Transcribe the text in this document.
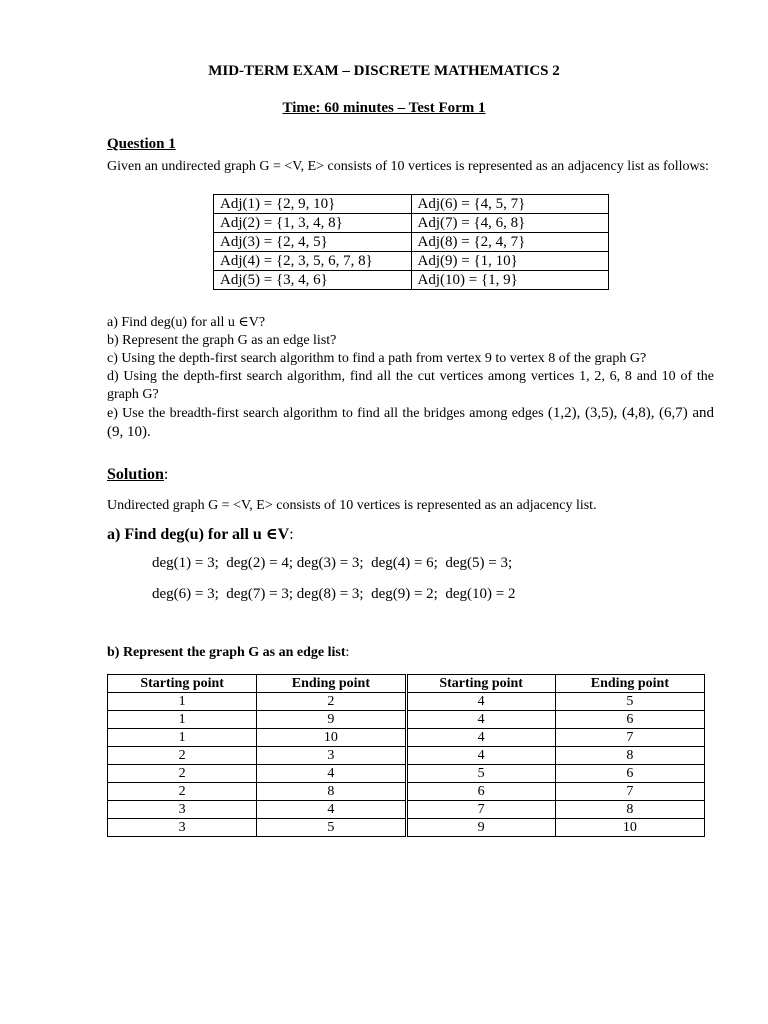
MID-TERM EXAM – DISCRETE MATHEMATICS 2
Time: 60 minutes – Test Form 1
Question 1
Given an undirected graph G = <V, E> consists of 10 vertices is represented as an adjacency list as follows:
Adj(1) = {2, 9, 10}	Adj(6) = {4, 5, 7}
Adj(2) = {1, 3, 4, 8}	Adj(7) = {4, 6, 8}
Adj(3) = {2, 4, 5}	Adj(8) = {2, 4, 7}
Adj(4) = {2, 3, 5, 6, 7, 8}	Adj(9) = {1, 10}
Adj(5) = {3, 4, 6}	Adj(10) = {1, 9}
a) Find deg(u) for all u ∈V?
b) Represent the graph G as an edge list?
c) Using the depth-first search algorithm to find a path from vertex 9 to vertex 8 of the graph G?
d) Using the depth-first search algorithm, find all the cut vertices among vertices 1, 2, 6, 8 and 10 of the graph G?
e) Use the breadth-first search algorithm to find all the bridges among edges (1,2), (3,5), (4,8), (6,7) and (9, 10).
Solution:
Undirected graph G = <V, E> consists of 10 vertices is represented as an adjacency list.
a) Find deg(u) for all u ∈V:
deg(1) = 3;  deg(2) = 4; deg(3) = 3;  deg(4) = 6;  deg(5) = 3;
deg(6) = 3;  deg(7) = 3; deg(8) = 3;  deg(9) = 2;  deg(10) = 2
b) Represent the graph G as an edge list:
Starting point	Ending point	Starting point	Ending point
1	2	4	5
1	9	4	6
1	10	4	7
2	3	4	8
2	4	5	6
2	8	6	7
3	4	7	8
3	5	9	10
